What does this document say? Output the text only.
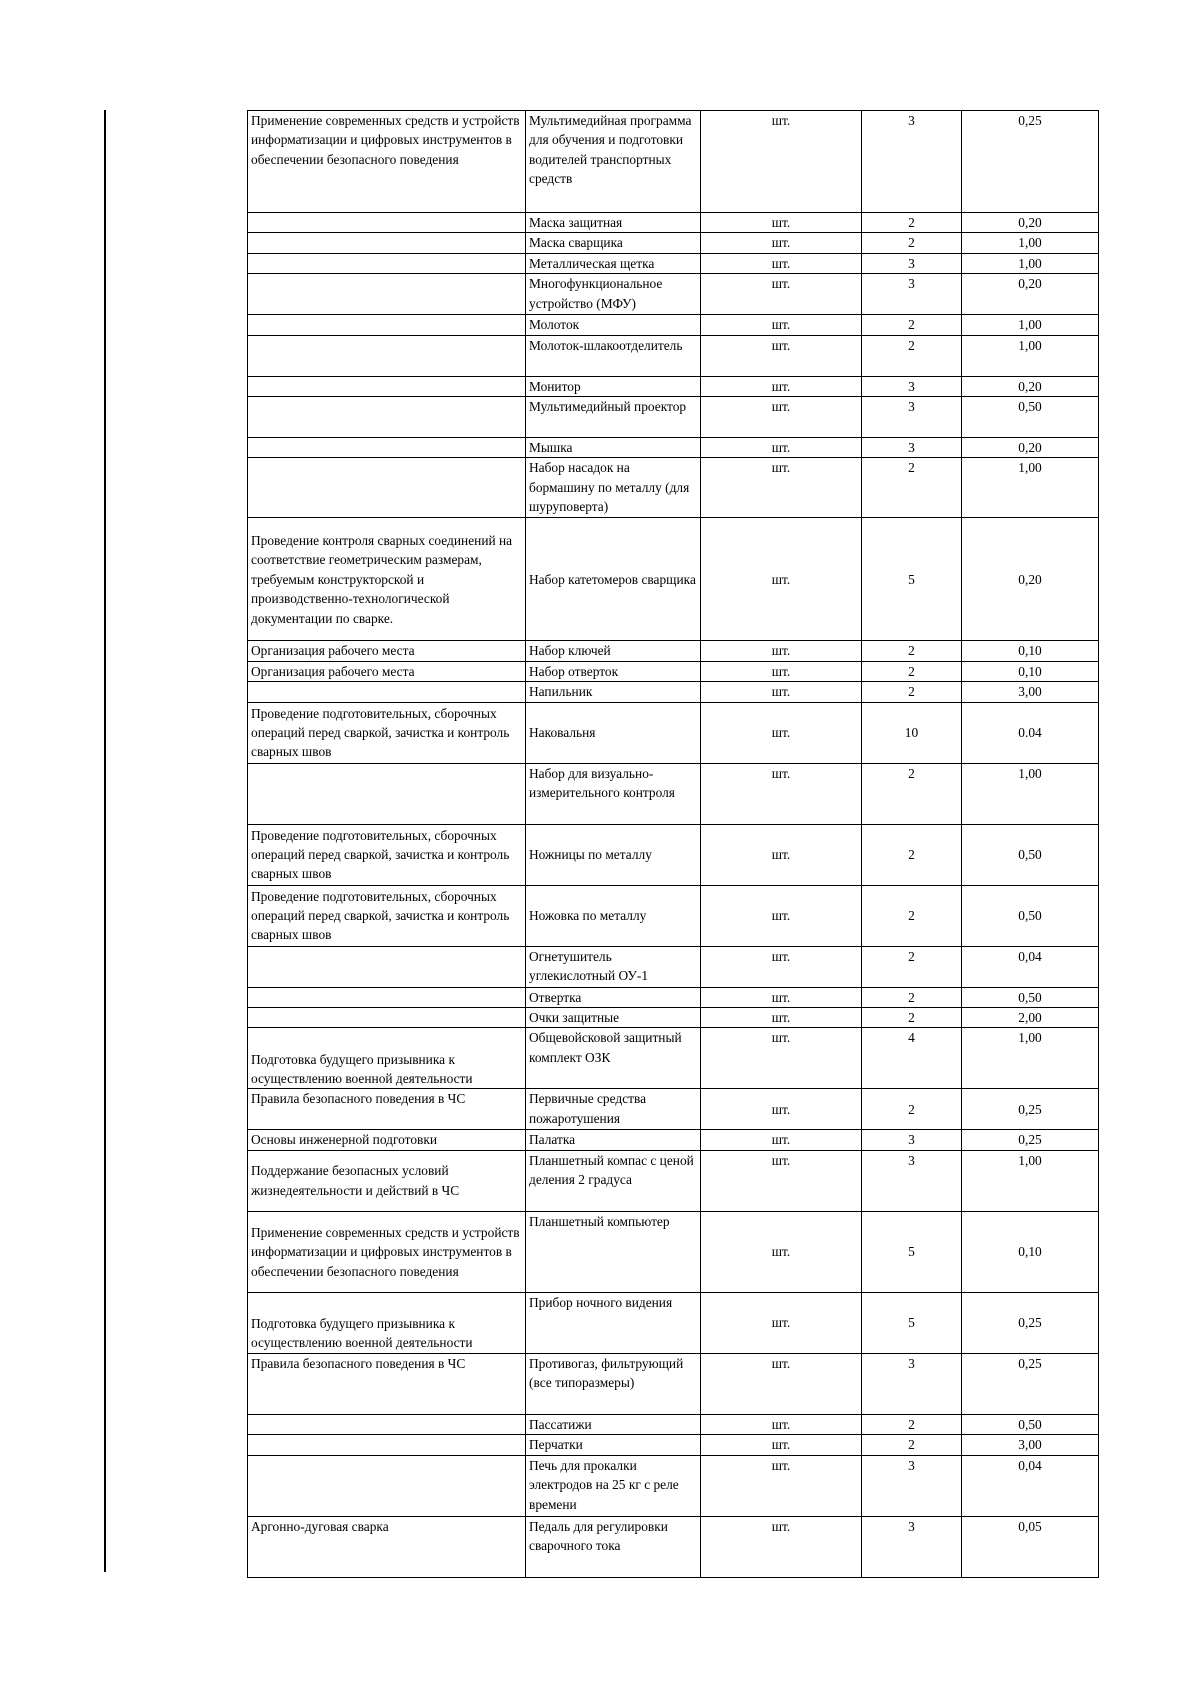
Применение современных средств и устройств информатизации и цифровых инструментов в обеспечении безопасного поведения	Мультимедийная программа для обучения и подготовки водителей транспортных средств	шт.	3	0,25
	Маска защитная	шт.	2	0,20
	Маска сварщика	шт.	2	1,00
	Металлическая щетка	шт.	3	1,00
	Многофункциональное устройство (МФУ)	шт.	3	0,20
	Молоток	шт.	2	1,00
	Молоток-шлакоотделитель	шт.	2	1,00
	Монитор	шт.	3	0,20
	Мультимедийный проектор	шт.	3	0,50
	Мышка	шт.	3	0,20
	Набор насадок на бормашину по металлу (для шуруповерта)	шт.	2	1,00
Проведение контроля сварных соединений на соответствие геометрическим размерам, требуемым конструкторской и производственно-технологической документации по сварке.	Набор катетомеров сварщика	шт.	5	0,20
Организация рабочего места	Набор ключей	шт.	2	0,10
Организация рабочего места	Набор отверток	шт.	2	0,10
	Напильник	шт.	2	3,00
Проведение подготовительных, сборочных операций перед сваркой, зачистка и контроль сварных швов	Наковальня	шт.	10	0.04
	Набор для визуально-измерительного контроля	шт.	2	1,00
Проведение подготовительных, сборочных операций перед сваркой, зачистка и контроль сварных швов	Ножницы по металлу	шт.	2	0,50
Проведение подготовительных, сборочных операций перед сваркой, зачистка и контроль сварных швов	Ножовка по металлу	шт.	2	0,50
	Огнетушитель углекислотный ОУ-1	шт.	2	0,04
	Отвертка	шт.	2	0,50
	Очки защитные	шт.	2	2,00
Подготовка будущего призывника к осуществлению военной деятельности	Общевойсковой защитный комплект ОЗК	шт.	4	1,00
Правила безопасного поведения в ЧС	Первичные средства пожаротушения	шт.	2	0,25
Основы инженерной подготовки	Палатка	шт.	3	0,25
Поддержание безопасных условий жизнедеятельности и действий в ЧС	Планшетный компас с ценой деления 2 градуса	шт.	3	1,00
Применение современных средств и устройств информатизации и цифровых инструментов в обеспечении безопасного поведения	Планшетный компьютер	шт.	5	0,10
Подготовка будущего призывника к осуществлению военной деятельности	Прибор ночного видения	шт.	5	0,25
Правила безопасного поведения в ЧС	Противогаз, фильтрующий (все типоразмеры)	шт.	3	0,25
	Пассатижи	шт.	2	0,50
	Перчатки	шт.	2	3,00
	Печь для прокалки электродов на 25 кг с реле времени	шт.	3	0,04
Аргонно-дуговая сварка	Педаль для регулировки сварочного тока	шт.	3	0,05
